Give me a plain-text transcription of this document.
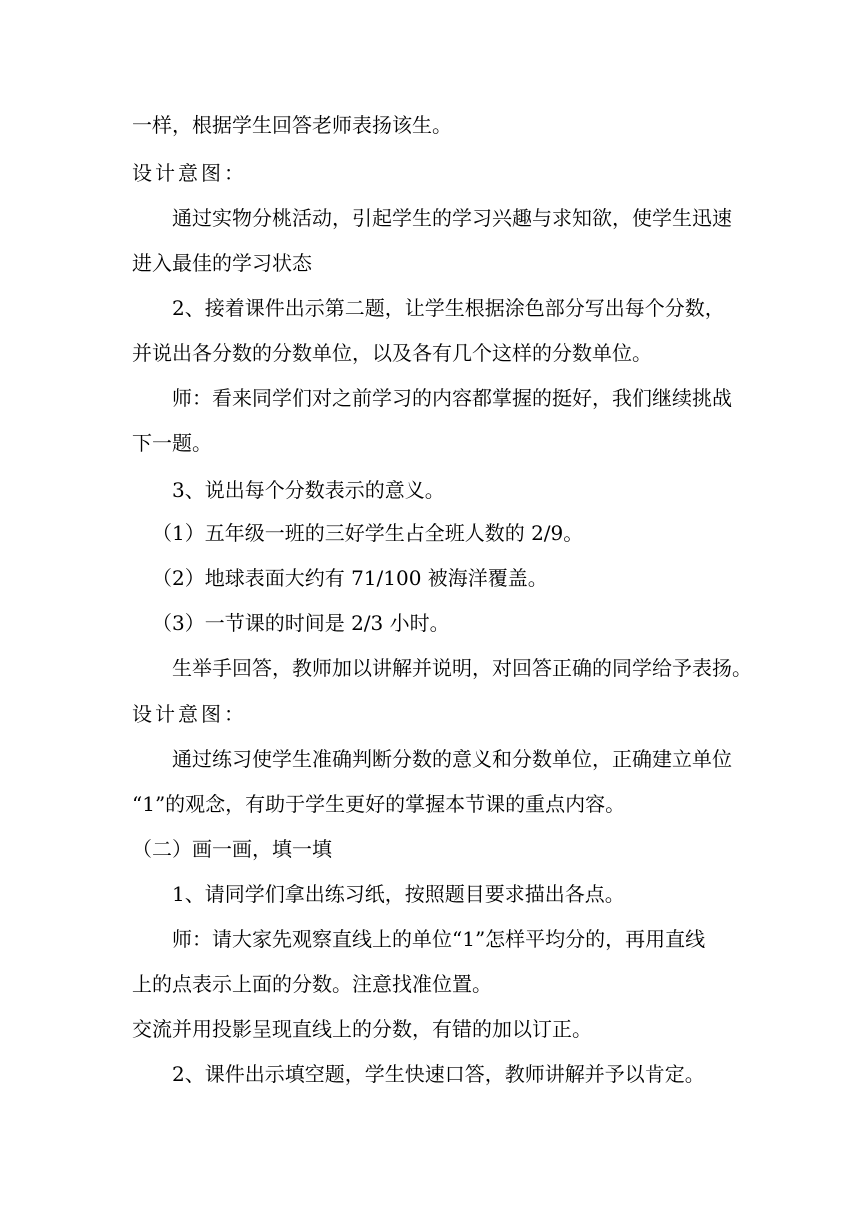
一样，根据学生回答老师表扬该生。
设计意图：
通过实物分桃活动，引起学生的学习兴趣与求知欲，使学生迅速
进入最佳的学习状态
2、接着课件出示第二题，让学生根据涂色部分写出每个分数，
并说出各分数的分数单位，以及各有几个这样的分数单位。
师：看来同学们对之前学习的内容都掌握的挺好，我们继续挑战
下一题。
3、说出每个分数表示的意义。
（1）五年级一班的三好学生占全班人数的 2/9。
（2）地球表面大约有 71/100 被海洋覆盖。
（3）一节课的时间是 2/3 小时。
生举手回答，教师加以讲解并说明，对回答正确的同学给予表扬。
设计意图：
通过练习使学生准确判断分数的意义和分数单位，正确建立单位
“1”的观念，有助于学生更好的掌握本节课的重点内容。
（二）画一画，填一填
1、请同学们拿出练习纸，按照题目要求描出各点。
师：请大家先观察直线上的单位“1”怎样平均分的，再用直线
上的点表示上面的分数。注意找准位置。
交流并用投影呈现直线上的分数，有错的加以订正。
2、课件出示填空题，学生快速口答，教师讲解并予以肯定。
